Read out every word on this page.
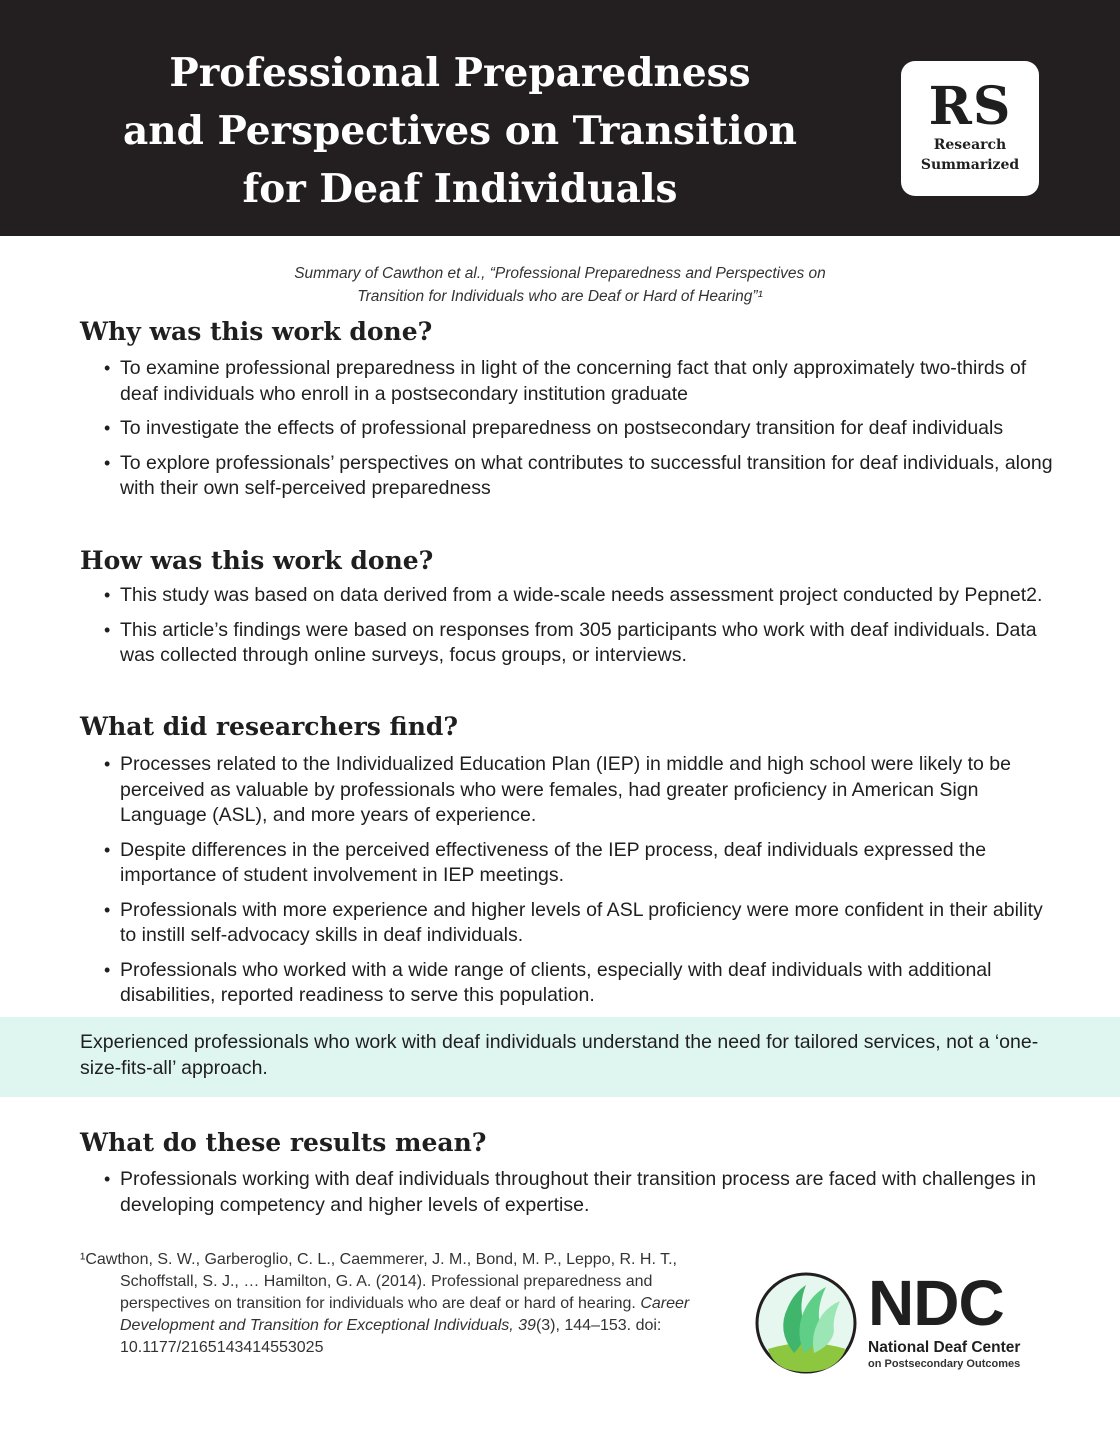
Professional Preparedness
and Perspectives on Transition
for Deaf Individuals
RS
Research
Summarized
Summary of Cawthon et al., “Professional Preparedness and Perspectives on
Transition for Individuals who are Deaf or Hard of Hearing”¹
Why was this work done?
• To examine professional preparedness in light of the concerning fact that only approximately two-thirds of deaf individuals who enroll in a postsecondary institution graduate
• To investigate the effects of professional preparedness on postsecondary transition for deaf individuals
• To explore professionals’ perspectives on what contributes to successful transition for deaf individuals, along with their own self-perceived preparedness
How was this work done?
• This study was based on data derived from a wide-scale needs assessment project conducted by Pepnet2.
• This article’s findings were based on responses from 305 participants who work with deaf individuals. Data was collected through online surveys, focus groups, or interviews.
What did researchers find?
• Processes related to the Individualized Education Plan (IEP) in middle and high school were likely to be perceived as valuable by professionals who were females, had greater proficiency in American Sign Language (ASL), and more years of experience.
• Despite differences in the perceived effectiveness of the IEP process, deaf individuals expressed the importance of student involvement in IEP meetings.
• Professionals with more experience and higher levels of ASL proficiency were more confident in their ability to instill self-advocacy skills in deaf individuals.
• Professionals who worked with a wide range of clients, especially with deaf individuals with additional disabilities, reported readiness to serve this population.

Experienced professionals who work with deaf individuals understand the need for tailored services, not a ‘one-size-fits-all’ approach.

What do these results mean?
• Professionals working with deaf individuals throughout their transition process are faced with challenges in developing competency and higher levels of expertise.
¹Cawthon, S. W., Garberoglio, C. L., Caemmerer, J. M., Bond, M. P., Leppo, R. H. T.,
Schoffstall, S. J., … Hamilton, G. A. (2014). Professional preparedness and perspectives on transition for individuals who are deaf or hard of hearing. Career Development and Transition for Exceptional Individuals, 39(3), 144–153. doi: 10.1177/2165143414553025
NDC
National Deaf Center
on Postsecondary Outcomes
